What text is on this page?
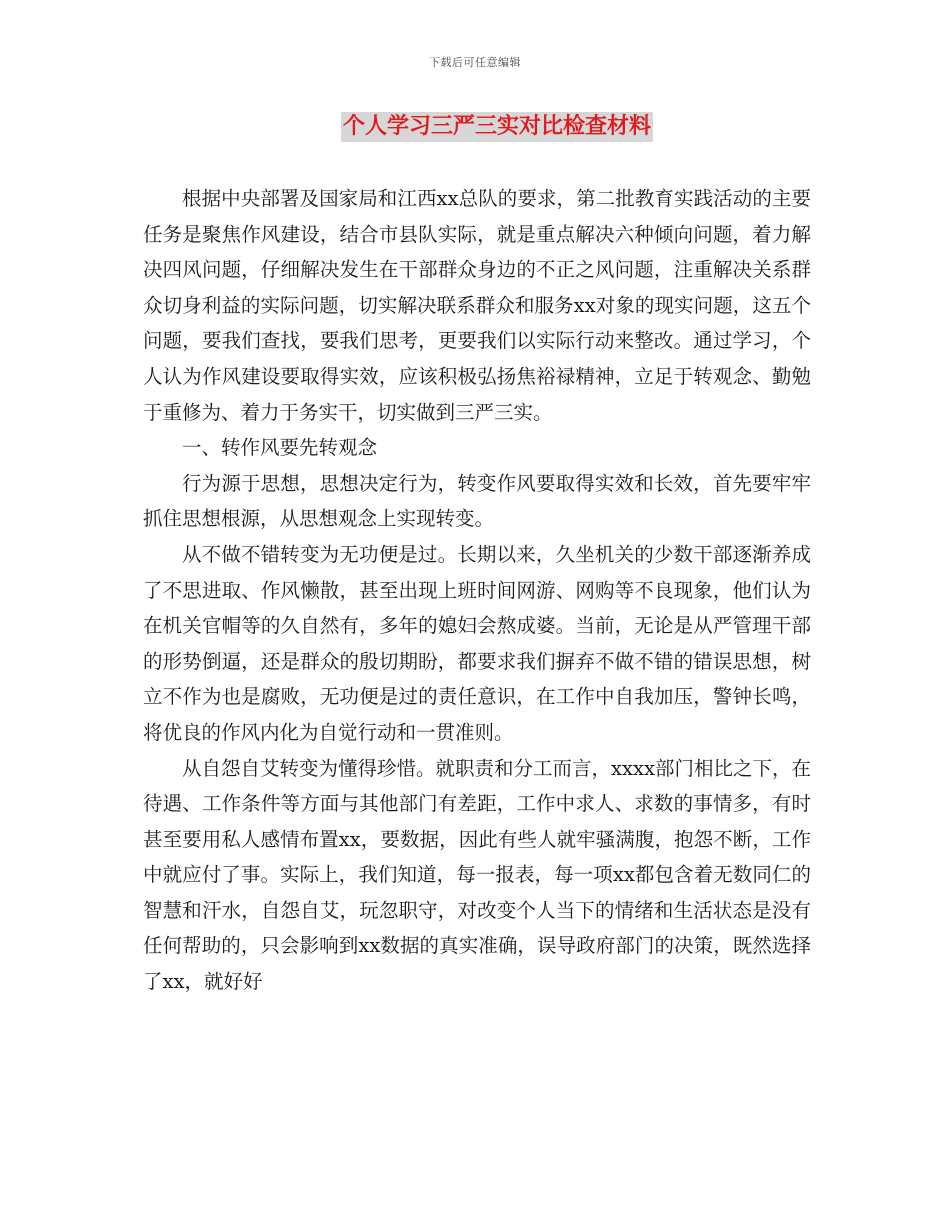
下载后可任意编辑
个人学习三严三实对比检查材料

根据中央部署及国家局和江西xx总队的要求，第二批教育实践活动的主要任务是聚焦作风建设，结合市县队实际，就是重点解决六种倾向问题，着力解决四风问题，仔细解决发生在干部群众身边的不正之风问题，注重解决关系群众切身利益的实际问题，切实解决联系群众和服务xx对象的现实问题，这五个问题，要我们查找，要我们思考，更要我们以实际行动来整改。通过学习，个人认为作风建设要取得实效，应该积极弘扬焦裕禄精神，立足于转观念、勤勉于重修为、着力于务实干，切实做到三严三实。

一、转作风要先转观念

行为源于思想，思想决定行为，转变作风要取得实效和长效，首先要牢牢抓住思想根源，从思想观念上实现转变。

从不做不错转变为无功便是过。长期以来，久坐机关的少数干部逐渐养成了不思进取、作风懒散，甚至出现上班时间网游、网购等不良现象，他们认为在机关官帽等的久自然有，多年的媳妇会熬成婆。当前，无论是从严管理干部的形势倒逼，还是群众的殷切期盼，都要求我们摒弃不做不错的错误思想，树立不作为也是腐败，无功便是过的责任意识，在工作中自我加压，警钟长鸣，将优良的作风内化为自觉行动和一贯准则。

从自怨自艾转变为懂得珍惜。就职责和分工而言，xxxx部门相比之下，在待遇、工作条件等方面与其他部门有差距，工作中求人、求数的事情多，有时甚至要用私人感情布置xx，要数据，因此有些人就牢骚满腹，抱怨不断，工作中就应付了事。实际上，我们知道，每一报表，每一项xx都包含着无数同仁的智慧和汗水，自怨自艾，玩忽职守，对改变个人当下的情绪和生活状态是没有任何帮助的，只会影响到xx数据的真实准确，误导政府部门的决策，既然选择了xx，就好好
